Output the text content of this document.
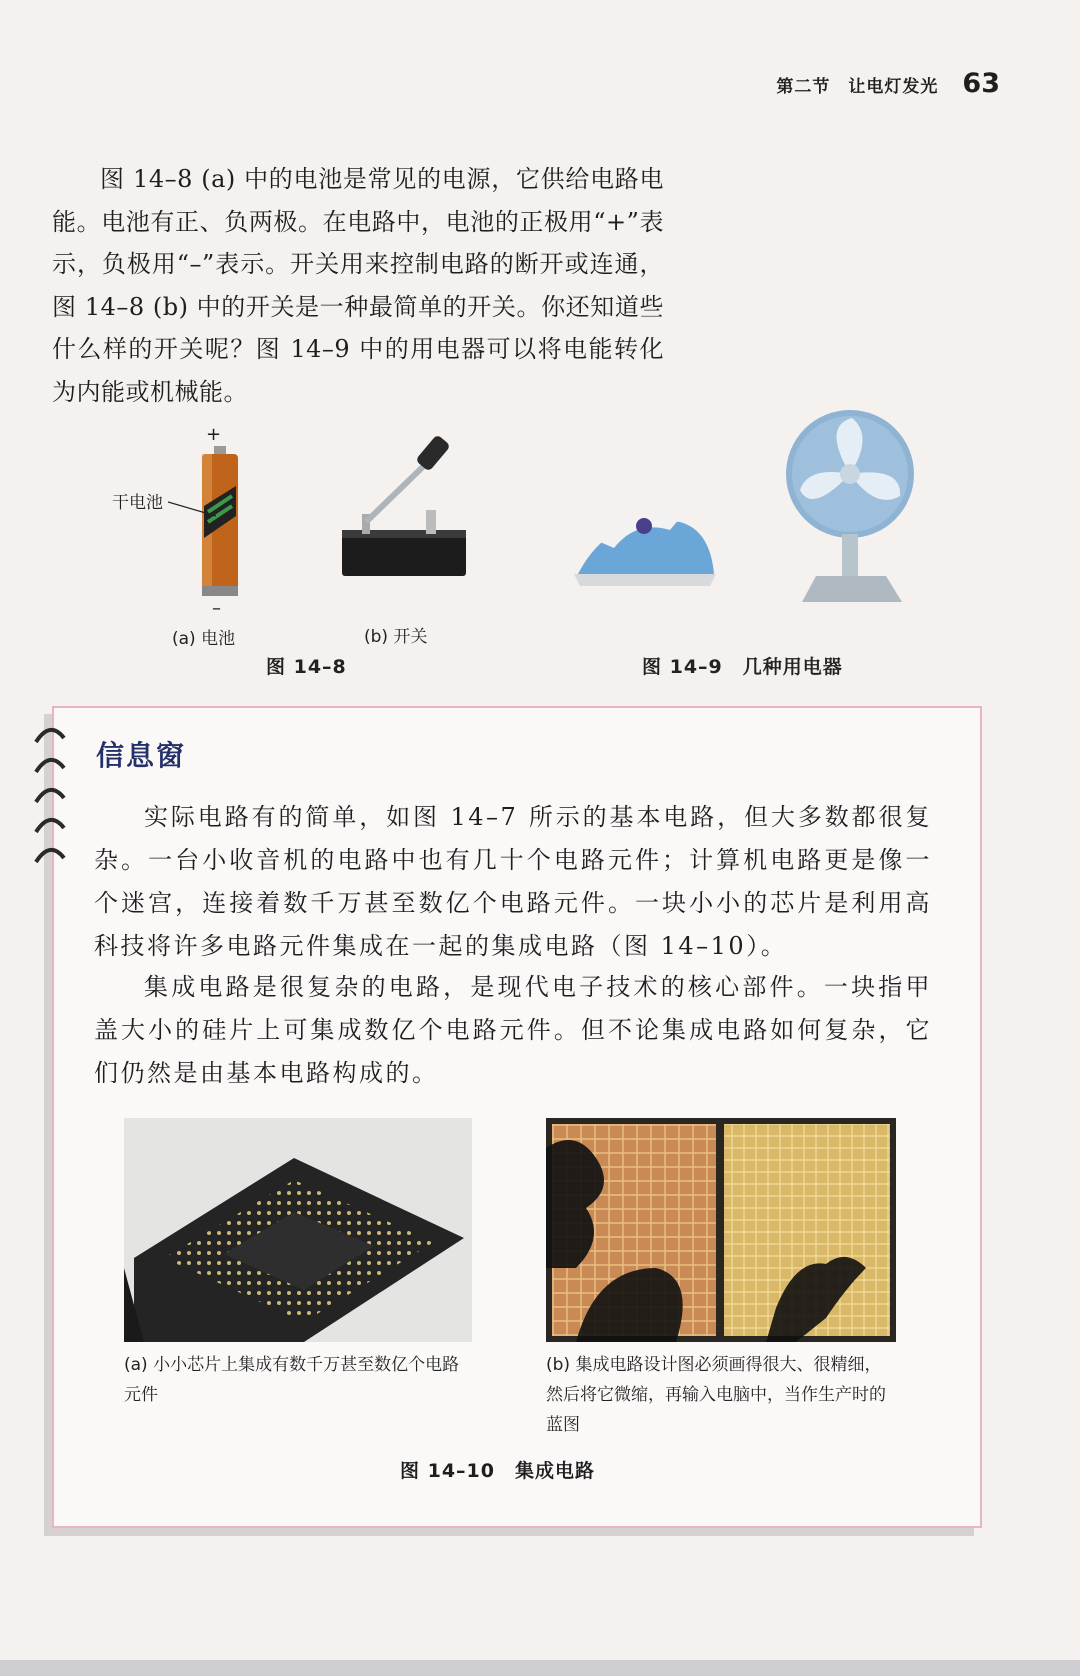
第二节 让电灯发光 63

图 14–8 (a) 中的电池是常见的电源，它供给电路电能。电池有正、负两极。在电路中，电池的正极用“+”表示，负极用“–”表示。开关用来控制电路的断开或连通，图 14–8 (b) 中的开关是一种最简单的开关。你还知道些什么样的开关呢？图 14–9 中的用电器可以将电能转化为内能或机械能。

+
–
干电池
(a) 电池	(b) 开关
图 14–8	图 14–9　几种用电器
信息窗

实际电路有的简单，如图 14–7 所示的基本电路，但大多数都很复杂。一台小收音机的电路中也有几十个电路元件；计算机电路更是像一个迷宫，连接着数千万甚至数亿个电路元件。一块小小的芯片是利用高科技将许多电路元件集成在一起的集成电路（图 14–10）。

集成电路是很复杂的电路，是现代电子技术的核心部件。一块指甲盖大小的硅片上可集成数亿个电路元件。但不论集成电路如何复杂，它们仍然是由基本电路构成的。

(a) 小小芯片上集成有数千万甚至数亿个电路元件

(b) 集成电路设计图必须画得很大、很精细，然后将它微缩，再输入电脑中，当作生产时的蓝图

图 14–10　集成电路
